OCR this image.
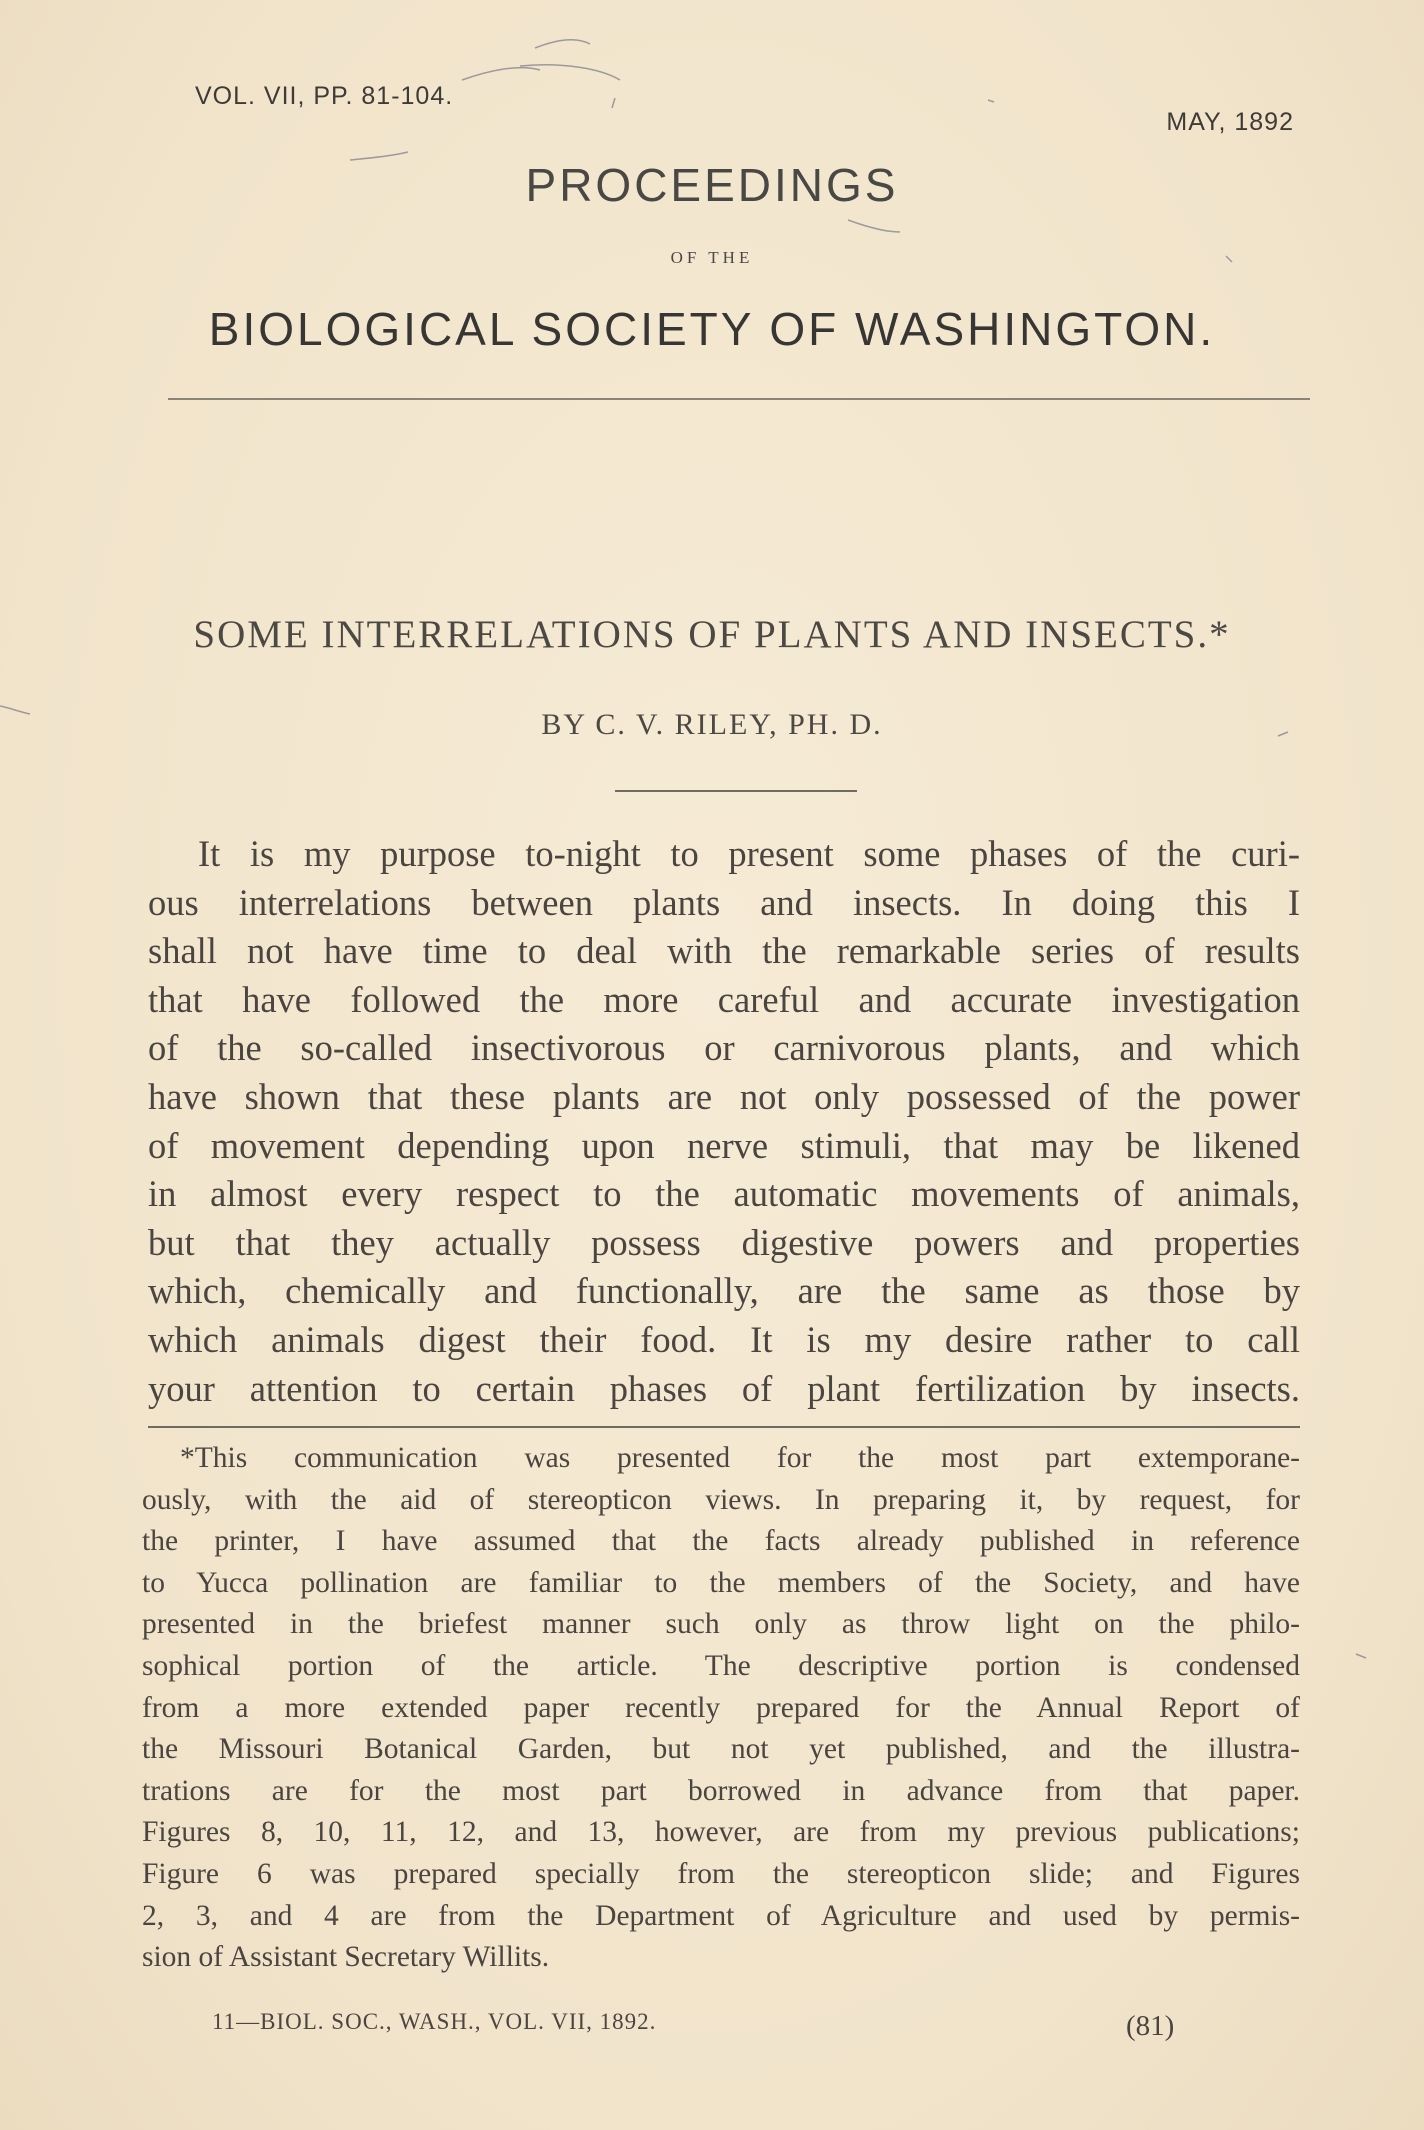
VOL. VII, PP. 81-104.
MAY, 1892
PROCEEDINGS
OF THE
BIOLOGICAL SOCIETY OF WASHINGTON.
SOME INTERRELATIONS OF PLANTS AND INSECTS.*
BY C. V. RILEY, PH. D.
It is my purpose to-night to present some phases of the curi-
ous interrelations between plants and insects. In doing this I
shall not have time to deal with the remarkable series of results
that have followed the more careful and accurate investigation
of the so-called insectivorous or carnivorous plants, and which
have shown that these plants are not only possessed of the power
of movement depending upon nerve stimuli, that may be likened
in almost every respect to the automatic movements of animals,
but that they actually possess digestive powers and properties
which, chemically and functionally, are the same as those by
which animals digest their food. It is my desire rather to call
your attention to certain phases of plant fertilization by insects.
*This communication was presented for the most part extemporane-
ously, with the aid of stereopticon views. In preparing it, by request, for
the printer, I have assumed that the facts already published in reference
to Yucca pollination are familiar to the members of the Society, and have
presented in the briefest manner such only as throw light on the philo-
sophical portion of the article. The descriptive portion is condensed
from a more extended paper recently prepared for the Annual Report of
the Missouri Botanical Garden, but not yet published, and the illustra-
trations are for the most part borrowed in advance from that paper.
Figures 8, 10, 11, 12, and 13, however, are from my previous publications;
Figure 6 was prepared specially from the stereopticon slide; and Figures
2, 3, and 4 are from the Department of Agriculture and used by permis-
sion of Assistant Secretary Willits.
11—BIOL. SOC., WASH., VOL. VII, 1892.	(81)
